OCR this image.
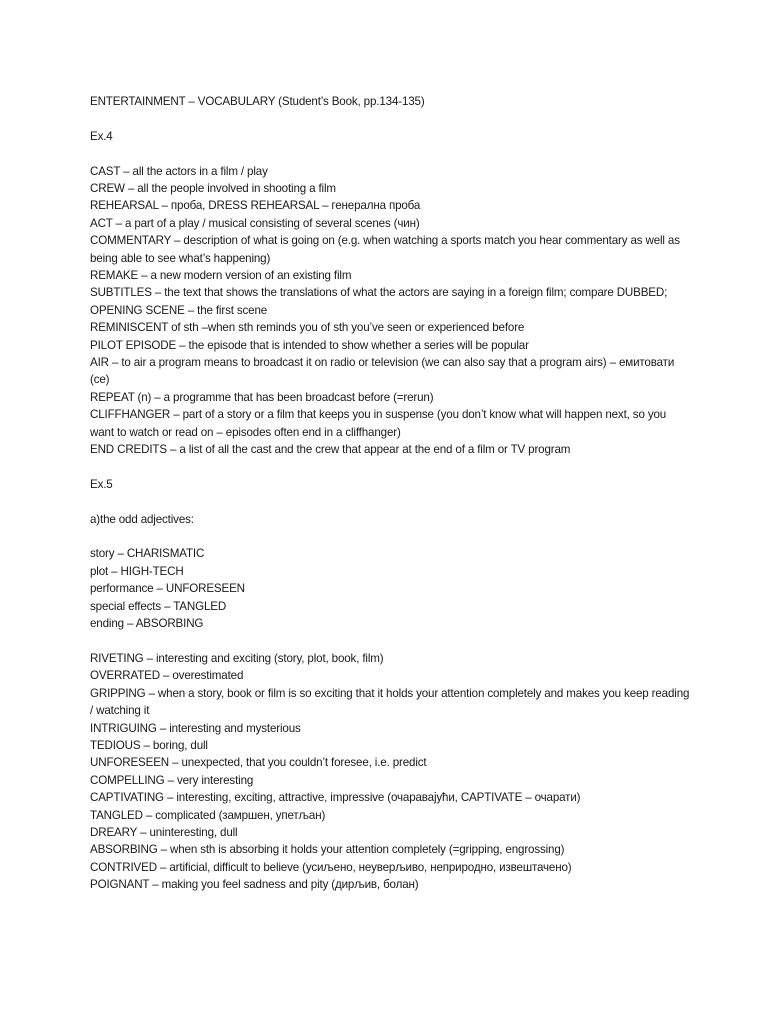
ENTERTAINMENT – VOCABULARY (Student’s Book, pp.134-135)

Ex.4

CAST – all the actors in a film / play

CREW – all the people involved in shooting a film

REHEARSAL – проба, DRESS REHEARSAL – генерална проба

ACT – a part of a play / musical consisting of several scenes (чин)

COMMENTARY – description of what is going on (e.g. when watching a sports match you hear commentary as well as being able to see what’s happening)

REMAKE – a new modern version of an existing film

SUBTITLES – the text that shows the translations of what the actors are saying in a foreign film; compare DUBBED;

OPENING SCENE – the first scene

REMINISCENT of sth –when sth reminds you of sth you’ve seen or experienced before

PILOT EPISODE – the episode that is intended to show whether a series will be popular

AIR – to air a program means to broadcast it on radio or television (we can also say that a program airs) – емитовати (се)

REPEAT (n) – a programme that has been broadcast before (=rerun)

CLIFFHANGER – part of a story or a film that keeps you in suspense (you don’t know what will happen next, so you want to watch or read on – episodes often end in a cliffhanger)

END CREDITS – a list of all the cast and the crew that appear at the end of a film or TV program

Ex.5

a)the odd adjectives:

story – CHARISMATIC

plot – HIGH-TECH

performance – UNFORESEEN

special effects – TANGLED

ending – ABSORBING

RIVETING – interesting and exciting (story, plot, book, film)

OVERRATED – overestimated

GRIPPING – when a story, book or film is so exciting that it holds your attention completely and makes you keep reading / watching it

INTRIGUING – interesting and mysterious

TEDIOUS – boring, dull

UNFORESEEN – unexpected, that you couldn’t foresee, i.e. predict

COMPELLING – very interesting

CAPTIVATING – interesting, exciting, attractive, impressive (очаравајући, CAPTIVATE – очарати)

TANGLED – complicated (замршен, упетљан)

DREARY – uninteresting, dull

ABSORBING – when sth is absorbing it holds your attention completely (=gripping, engrossing)

CONTRIVED – artificial, difficult to believe (усиљено, неуверљиво, неприродно, извештачено)

POIGNANT – making you feel sadness and pity (дирљив, болан)
